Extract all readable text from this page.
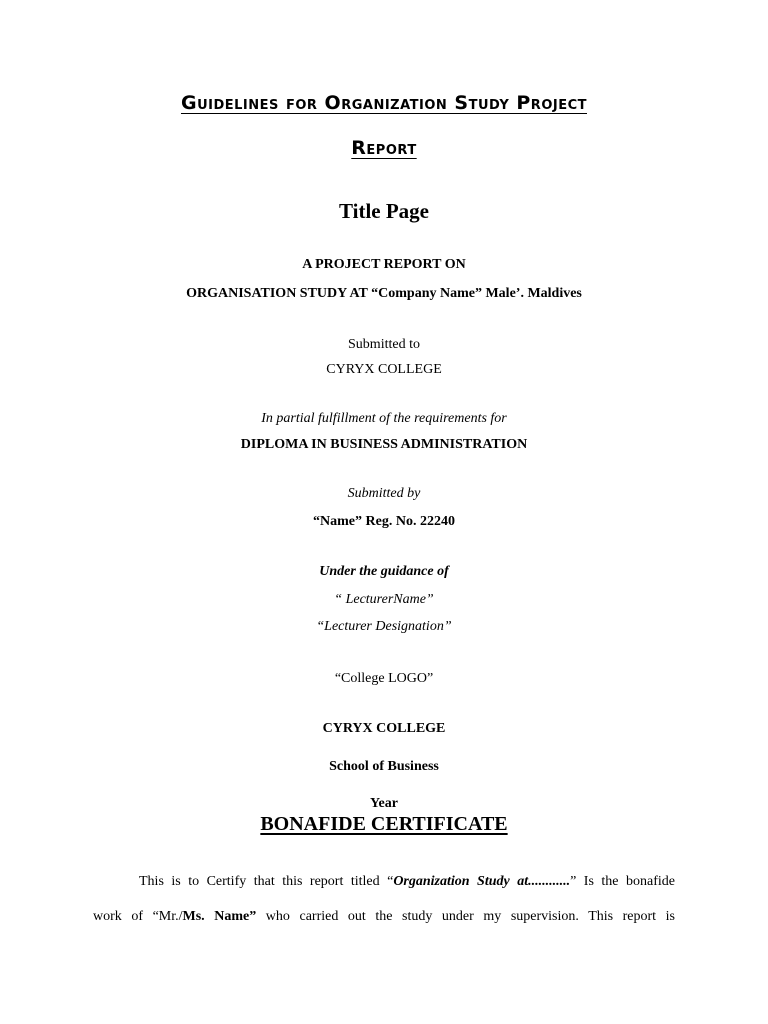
Guidelines for Organization Study Project
Report
Title Page
A PROJECT REPORT ON
ORGANISATION STUDY AT “Company Name” Male’. Maldives
Submitted to
CYRYX COLLEGE
In partial fulfillment of the requirements for
DIPLOMA IN BUSINESS ADMINISTRATION
Submitted by
“Name” Reg. No. 22240
Under the guidance of
“ LecturerName”
“Lecturer Designation”
“College LOGO”
CYRYX COLLEGE
School of Business
Year
BONAFIDE CERTIFICATE

This is to Certify that this report titled “Organization Study at............” Is the bonafide

work of “Mr./Ms. Name” who carried out the study under my supervision. This report is
